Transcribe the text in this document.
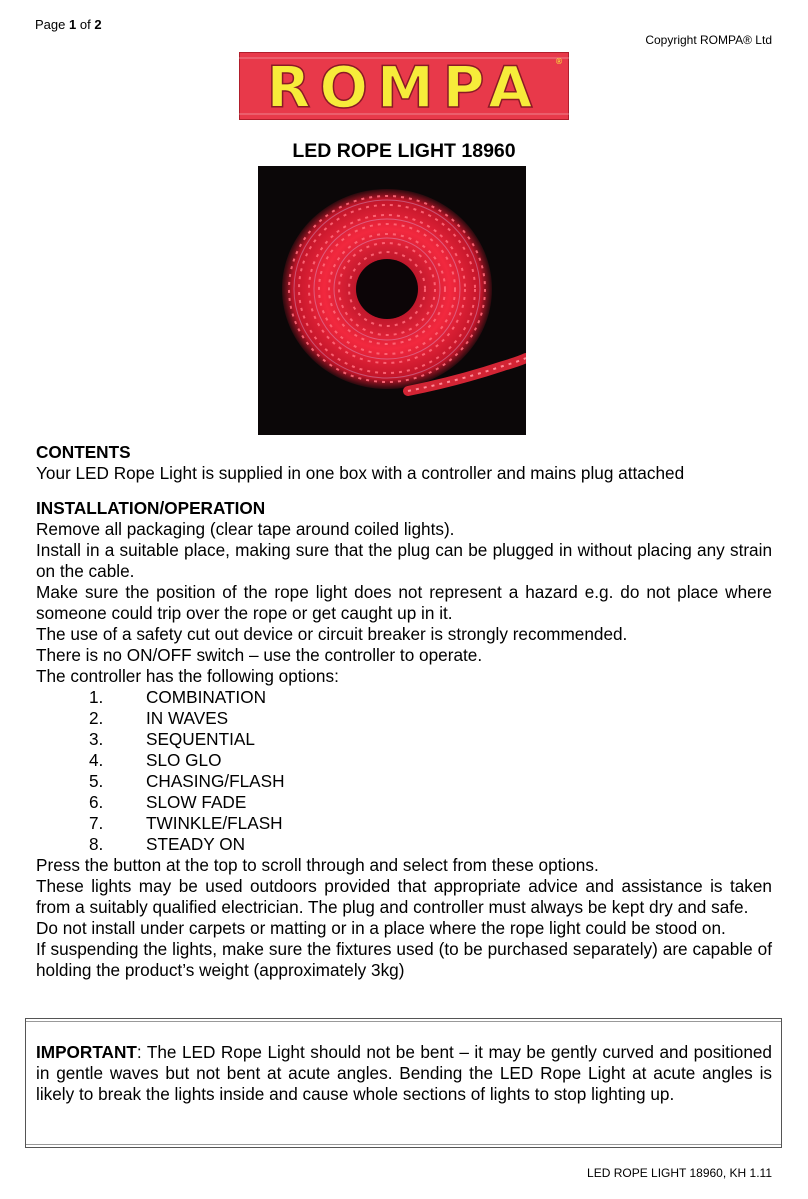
Page 1 of 2
Copyright ROMPA® Ltd
ROMPA ®
LED ROPE LIGHT 18960
CONTENTS
Your LED Rope Light is supplied in one box with a controller and mains plug attached
INSTALLATION/OPERATION
Remove all packaging (clear tape around coiled lights).
Install in a suitable place, making sure that the plug can be plugged in without placing any strain on the cable.
Make sure the position of the rope light does not represent a hazard e.g. do not place where someone could trip over the rope or get caught up in it.
The use of a safety cut out device or circuit breaker is strongly recommended.
There is no ON/OFF switch – use the controller to operate.
The controller has the following options:
1.	COMBINATION
2.	IN WAVES
3.	SEQUENTIAL
4.	SLO GLO
5.	CHASING/FLASH
6.	SLOW FADE
7.	TWINKLE/FLASH
8.	STEADY ON
Press the button at the top to scroll through and select from these options.
These lights may be used outdoors provided that appropriate advice and assistance is taken from a suitably qualified electrician. The plug and controller must always be kept dry and safe.
Do not install under carpets or matting or in a place where the rope light could be stood on.
If suspending the lights, make sure the fixtures used (to be purchased separately) are capable of holding the product’s weight (approximately 3kg)
IMPORTANT: The LED Rope Light should not be bent – it may be gently curved and positioned in gentle waves but not bent at acute angles. Bending the LED Rope Light at acute angles is likely to break the lights inside and cause whole sections of lights to stop lighting up.
LED ROPE LIGHT 18960, KH 1.11
